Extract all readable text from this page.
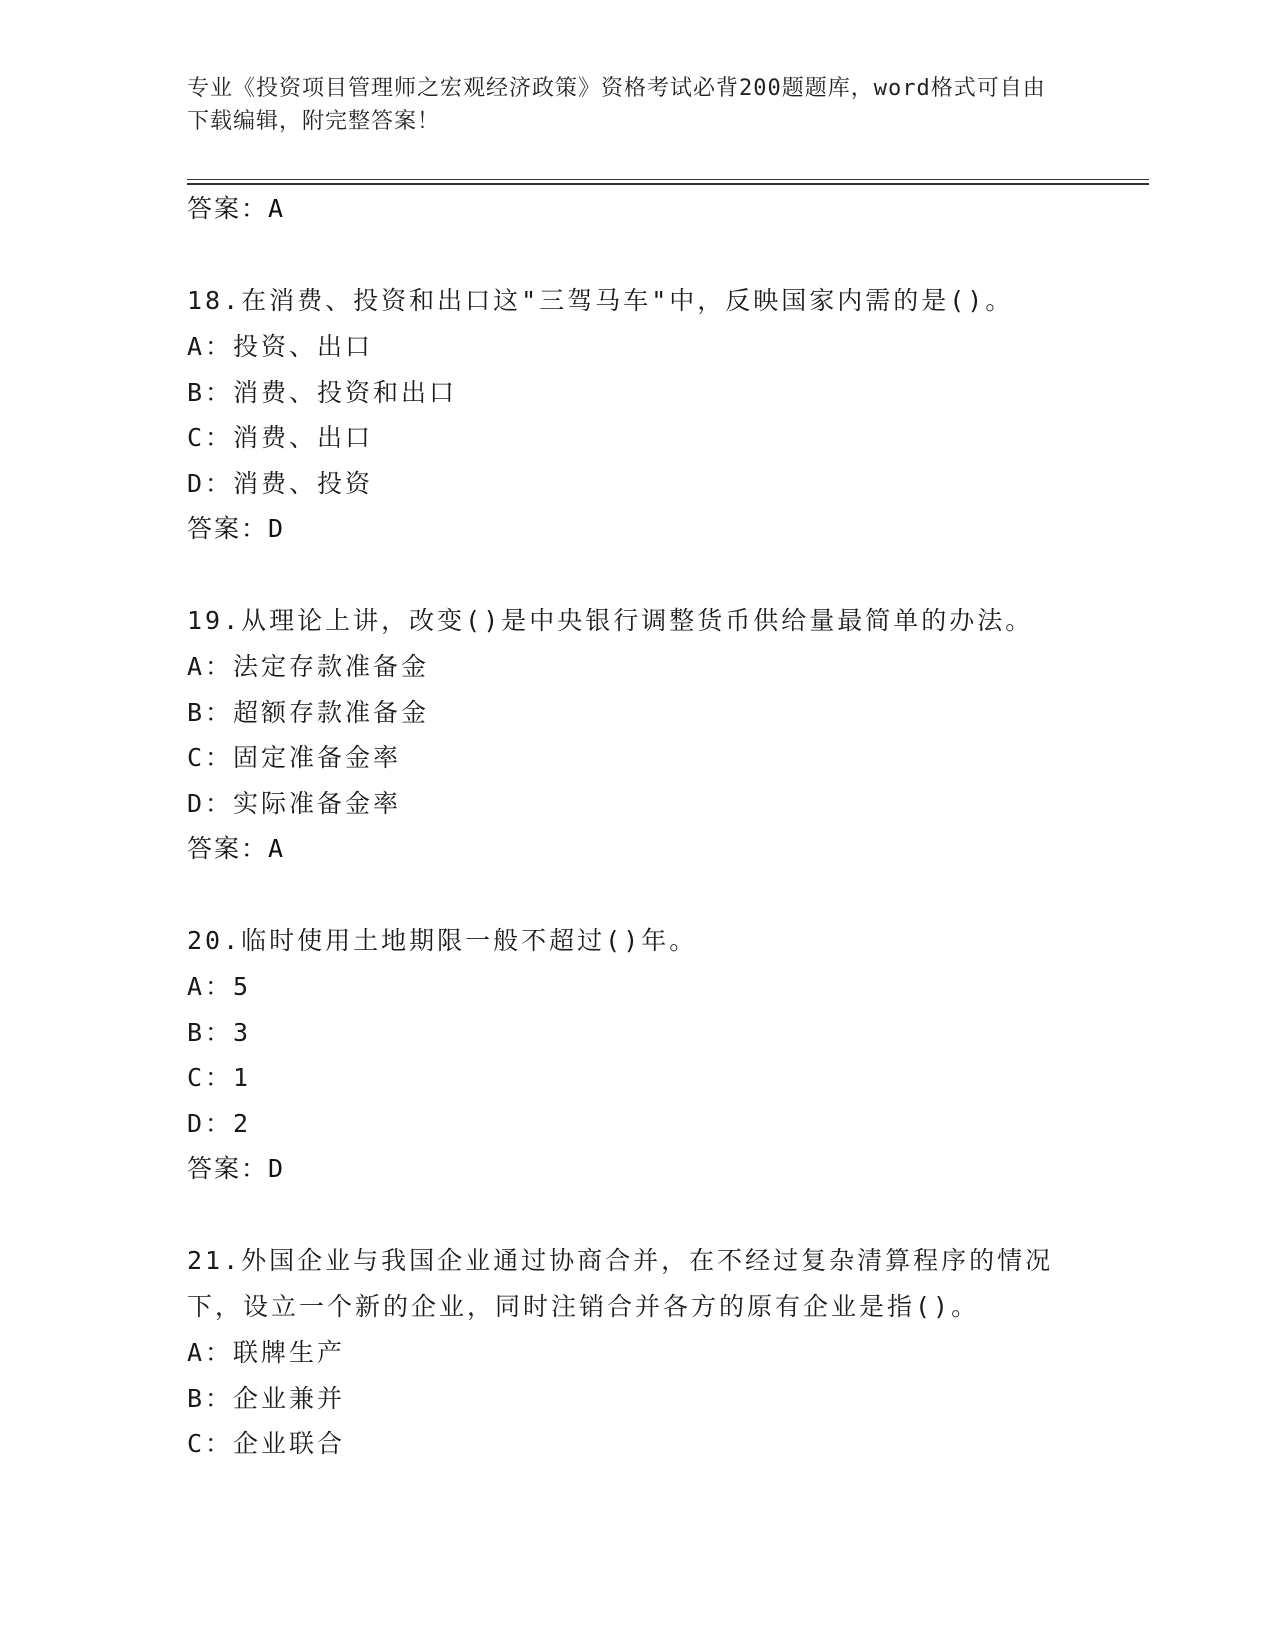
专业《投资项目管理师之宏观经济政策》资格考试必背200题题库，word格式可自由下载编辑，附完整答案！
答案：A
18.在消费、投资和出口这"三驾马车"中，反映国家内需的是()。
A：投资、出口
B：消费、投资和出口
C：消费、出口
D：消费、投资
答案：D
19.从理论上讲，改变()是中央银行调整货币供给量最简单的办法。
A：法定存款准备金
B：超额存款准备金
C：固定准备金率
D：实际准备金率
答案：A
20.临时使用土地期限一般不超过()年。
A：5
B：3
C：1
D：2
答案：D
21.外国企业与我国企业通过协商合并，在不经过复杂清算程序的情况下，设立一个新的企业，同时注销合并各方的原有企业是指()。
A：联牌生产
B：企业兼并
C：企业联合
